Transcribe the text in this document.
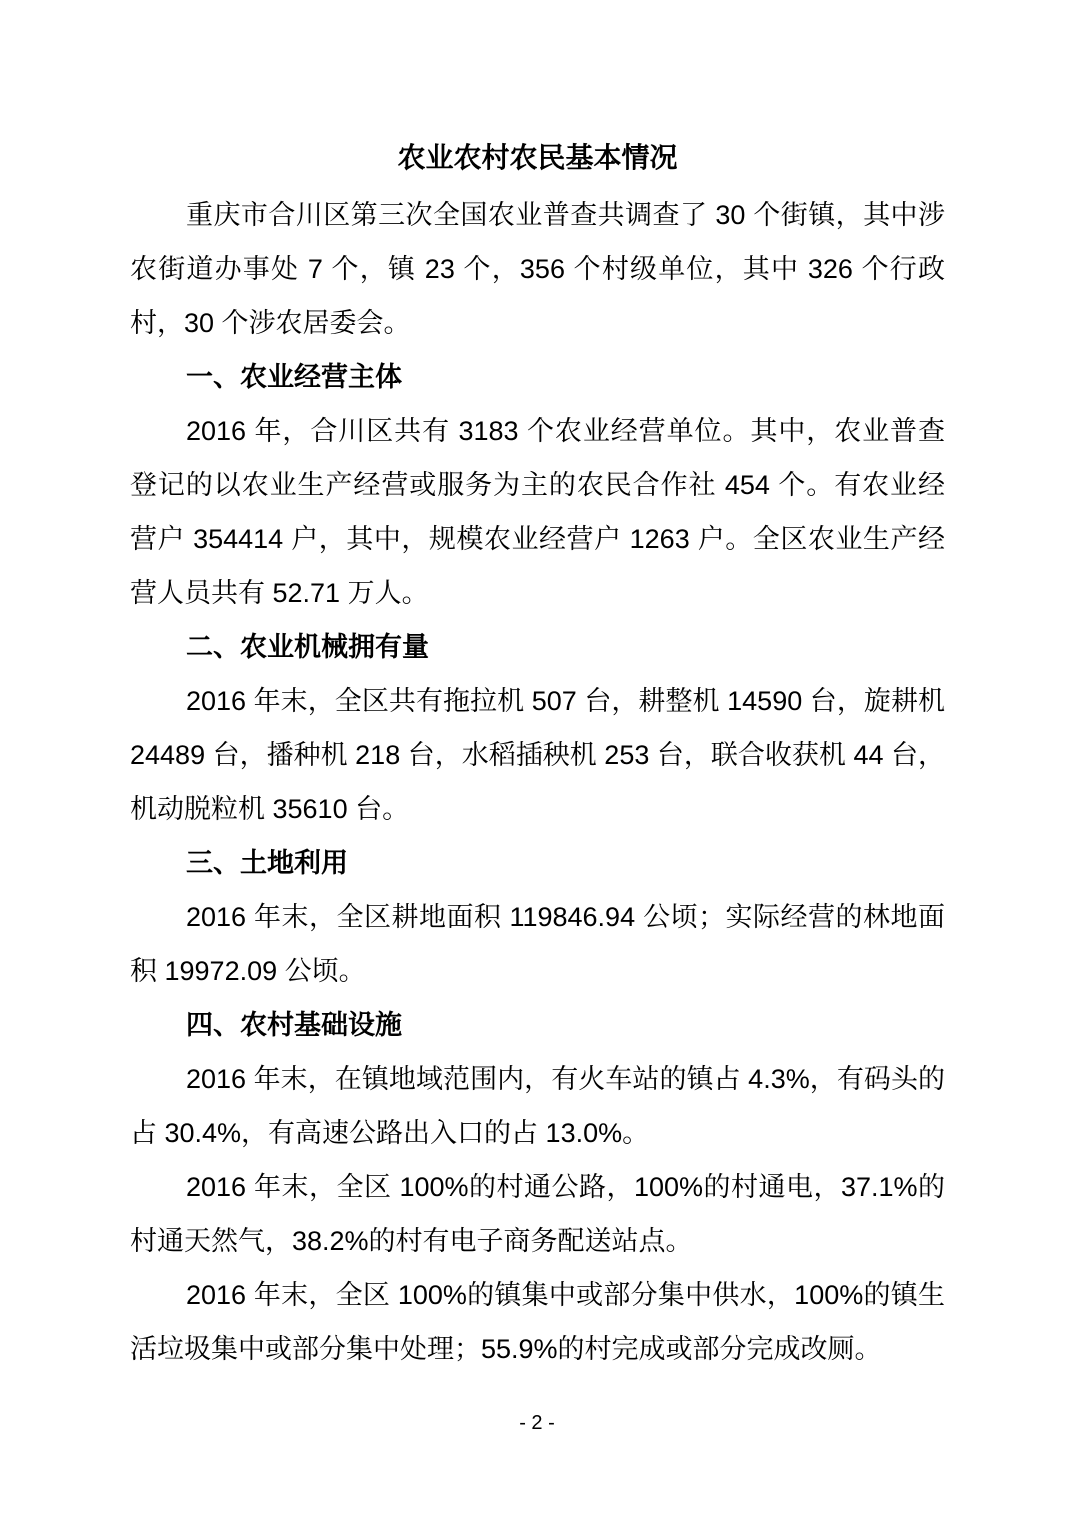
农业农村农民基本情况

重庆市合川区第三次全国农业普查共调查了 30 个街镇，其中涉农街道办事处 7 个，镇 23 个，356 个村级单位，其中 326 个行政村，30 个涉农居委会。

一、农业经营主体

2016 年，合川区共有 3183 个农业经营单位。其中，农业普查登记的以农业生产经营或服务为主的农民合作社 454 个。有农业经营户 354414 户，其中，规模农业经营户 1263 户。全区农业生产经营人员共有 52.71 万人。

二、农业机械拥有量

2016 年末，全区共有拖拉机 507 台，耕整机 14590 台，旋耕机 24489 台，播种机 218 台，水稻插秧机 253 台，联合收获机 44 台，机动脱粒机 35610 台。

三、土地利用

2016 年末，全区耕地面积 119846.94 公顷；实际经营的林地面积 19972.09 公顷。

四、农村基础设施

2016 年末，在镇地域范围内，有火车站的镇占 4.3%，有码头的占 30.4%，有高速公路出入口的占 13.0%。

2016 年末，全区 100%的村通公路，100%的村通电，37.1%的村通天然气，38.2%的村有电子商务配送站点。

2016 年末，全区 100%的镇集中或部分集中供水，100%的镇生活垃圾集中或部分集中处理；55.9%的村完成或部分完成改厕。

- 2 -
